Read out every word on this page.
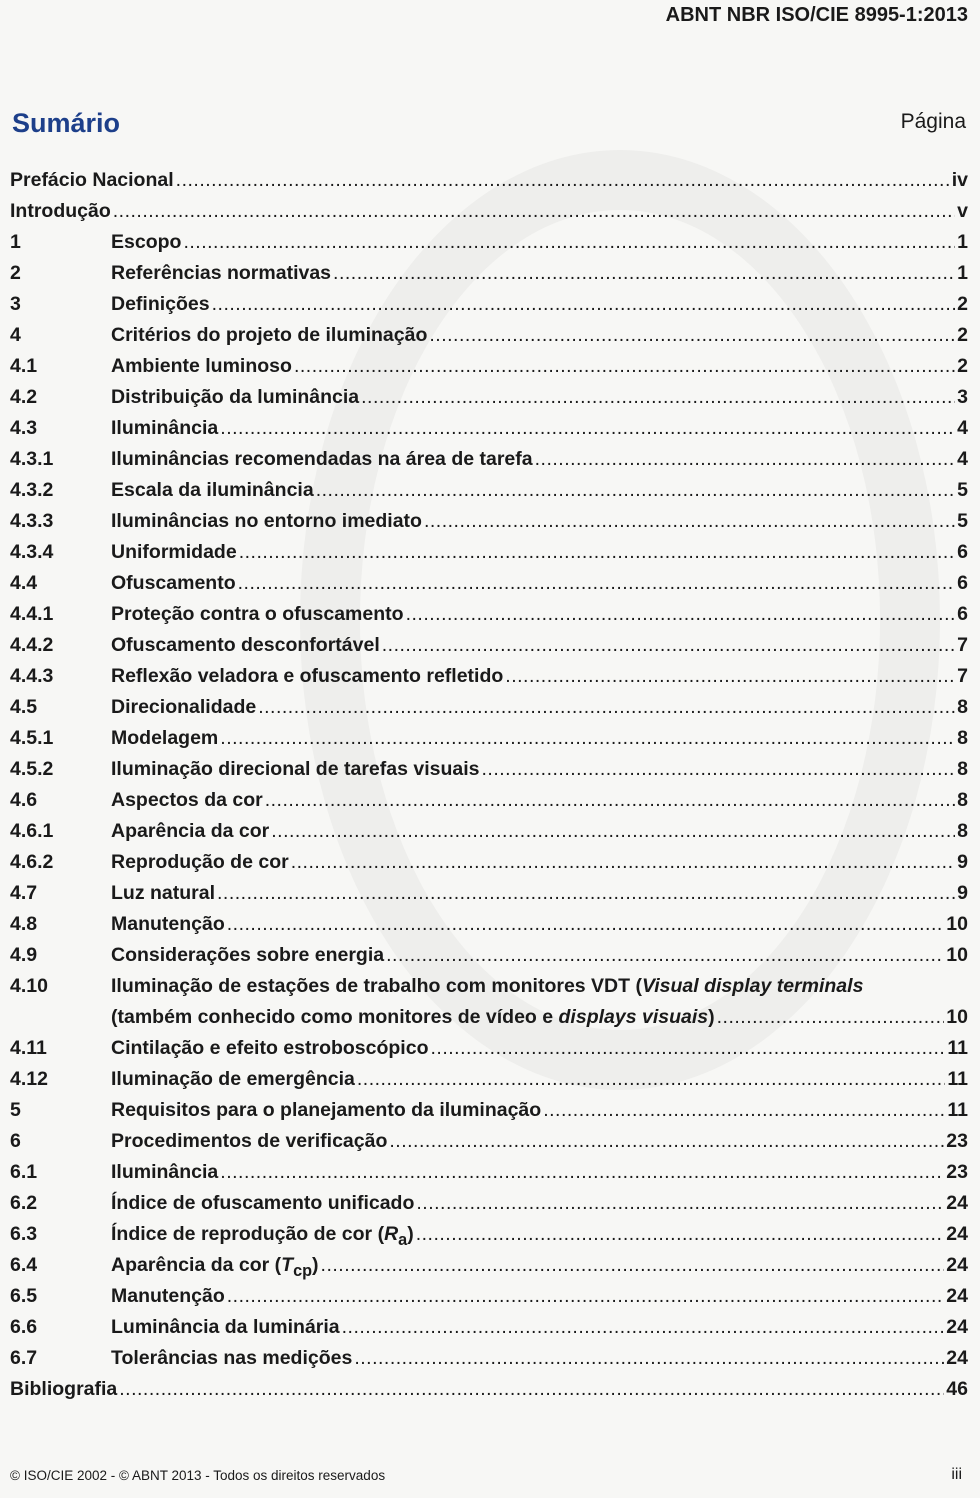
ABNT NBR ISO/CIE 8995-1:2013
Sumário	Página
Prefácio Nacional .....	iv
Introdução .....	v
1	Escopo .....	1
2	Referências normativas .....	1
3	Definições .....	2
4	Critérios do projeto de iluminação .....	2
4.1	Ambiente luminoso .....	2
4.2	Distribuição da luminância .....	3
4.3	Iluminância .....	4
4.3.1	Iluminâncias recomendadas na área de tarefa .....	4
4.3.2	Escala da iluminância .....	5
4.3.3	Iluminâncias no entorno imediato .....	5
4.3.4	Uniformidade .....	6
4.4	Ofuscamento .....	6
4.4.1	Proteção contra o ofuscamento .....	6
4.4.2	Ofuscamento desconfortável .....	7
4.4.3	Reflexão veladora e ofuscamento refletido .....	7
4.5	Direcionalidade .....	8
4.5.1	Modelagem .....	8
4.5.2	Iluminação direcional de tarefas visuais .....	8
4.6	Aspectos da cor .....	8
4.6.1	Aparência da cor .....	8
4.6.2	Reprodução de cor .....	9
4.7	Luz natural .....	9
4.8	Manutenção .....	10
4.9	Considerações sobre energia .....	10
4.10	Iluminação de estações de trabalho com monitores VDT (Visual display terminals
(também conhecido como monitores de vídeo e displays visuais) .....	10
4.11	Cintilação e efeito estroboscópico .....	11
4.12	Iluminação de emergência .....	11
5	Requisitos para o planejamento da iluminação .....	11
6	Procedimentos de verificação .....	23
6.1	Iluminância .....	23
6.2	Índice de ofuscamento unificado .....	24
6.3	Índice de reprodução de cor $(R_a)$ .....	24
6.4	Aparência da cor $(T_{cp})$ .....	24
6.5	Manutenção .....	24
6.6	Luminância da luminária .....	24
6.7	Tolerâncias nas medições .....	24
Bibliografia .....	46
© ISO/CIE 2002 - © ABNT 2013 - Todos os direitos reservados	iii
